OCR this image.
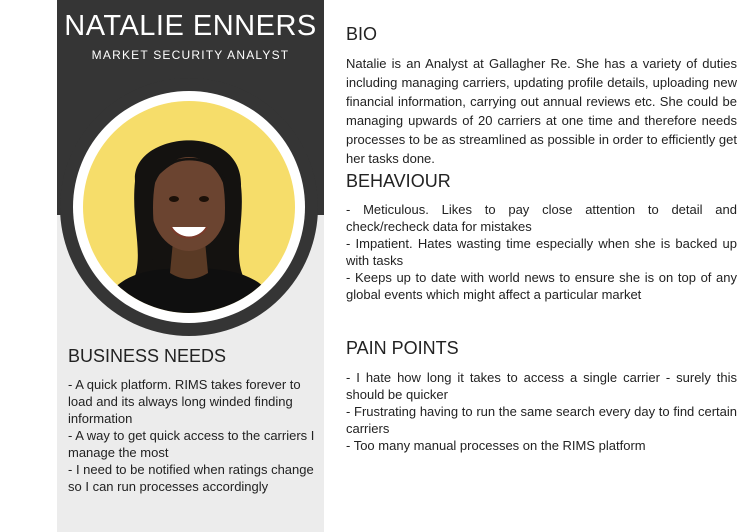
NATALIE ENNERS
MARKET SECURITY ANALYST
BUSINESS NEEDS
- A quick platform. RIMS takes forever to load and its always long winded finding information
- A way to get quick access to the carriers I manage the most
- I need to be notified when ratings change so I can run processes accordingly
BIO
Natalie is an Analyst at Gallagher Re. She has a variety of duties including managing carriers, updating profile details, uploading new financial information, carrying out annual reviews etc. She could be managing upwards of 20 carriers at one time and therefore needs processes to be as streamlined as possible in order to efficiently get her tasks done.
BEHAVIOUR
- Meticulous. Likes to pay close attention to detail and check/recheck data for mistakes
- Impatient. Hates wasting time especially when she is backed up with tasks
- Keeps up to date with world news to ensure she is on top of any global events which might affect a particular market
PAIN POINTS
- I hate how long it takes to access a single carrier - surely this should be quicker
- Frustrating having to run the same search every day to find certain carriers
- Too many manual processes on the RIMS platform
